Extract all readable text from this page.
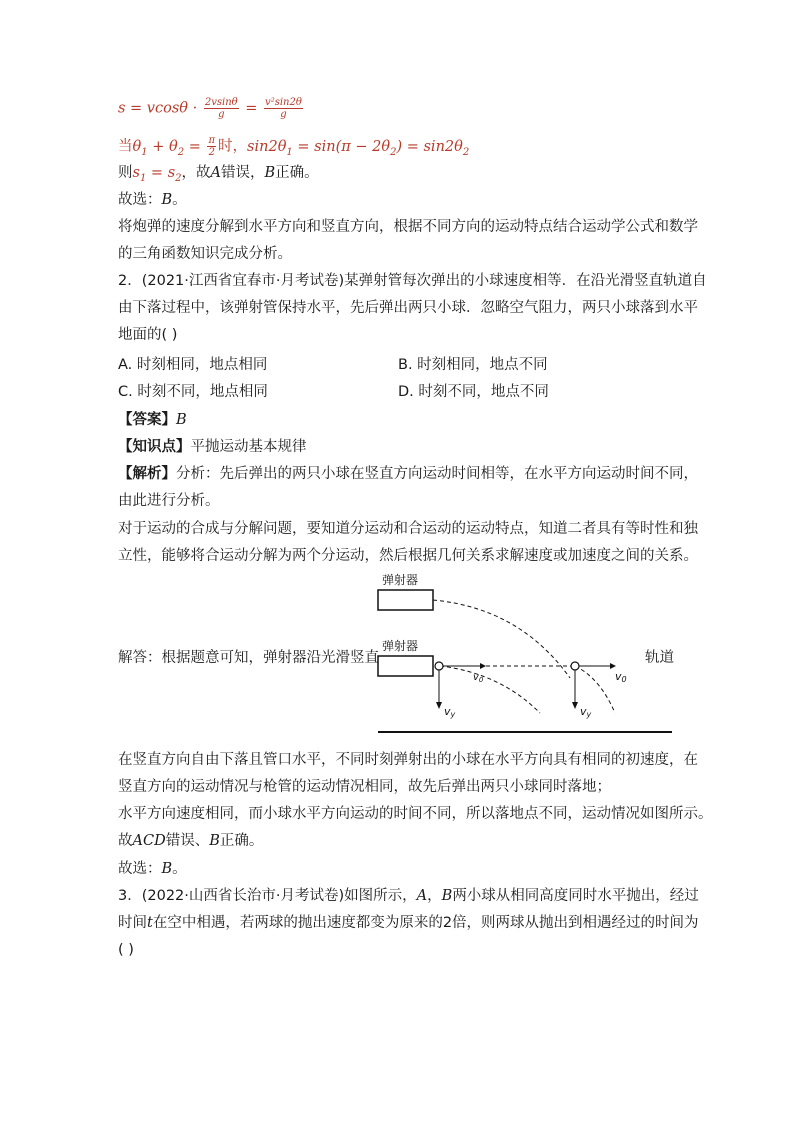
$s = vcos\theta \cdot \frac{2vsin\theta}{g} = \frac{\text{v²sin2θ}}{g}$
当$\theta_1 + \theta_2 = \frac{\pi}{2}$ 时，$\sin 2\theta_1 = \sin(\pi - 2\theta_2) = \sin 2\theta_2$
则$s_1 = s_2$，故A错误，B正确。
故选：B。
将炮弹的速度分解到水平方向和竖直方向，根据不同方向的运动特点结合运动学公式和数学
的三角函数知识完成分析。
2．(2021·江西省宜春市·月考试卷)某弹射管每次弹出的小球速度相等．在沿光滑竖直轨道自
由下落过程中，该弹射管保持水平，先后弹出两只小球．忽略空气阻力，两只小球落到水平
地面的( )
A. 时刻相同，地点相同	B. 时刻相同，地点不同
C. 时刻不同，地点相同	D. 时刻不同，地点不同
【答案】B
【知识点】平抛运动基本规律
【解析】分析：先后弹出的两只小球在竖直方向运动时间相等，在水平方向运动时间不同，
由此进行分析。
对于运动的合成与分解问题，要知道分运动和合运动的运动特点，知道二者具有等时性和独
立性，能够将合运动分解为两个分运动，然后根据几何关系求解速度或加速度之间的关系。
弹射器
弹射器
$v_0$
vy
v0
vy
解答：根据题意可知，弹射器沿光滑竖直	轨道
在竖直方向自由下落且管口水平，不同时刻弹射出的小球在水平方向具有相同的初速度，在
竖直方向的运动情况与枪管的运动情况相同，故先后弹出两只小球同时落地；
水平方向速度相同，而小球水平方向运动的时间不同，所以落地点不同，运动情况如图所示。
故ACD错误、B正确。
故选：B。
3．(2022·山西省长治市·月考试卷)如图所示，A，B两小球从相同高度同时水平抛出，经过
时间t在空中相遇，若两球的抛出速度都变为原来的2倍，则两球从抛出到相遇经过的时间为
( )
